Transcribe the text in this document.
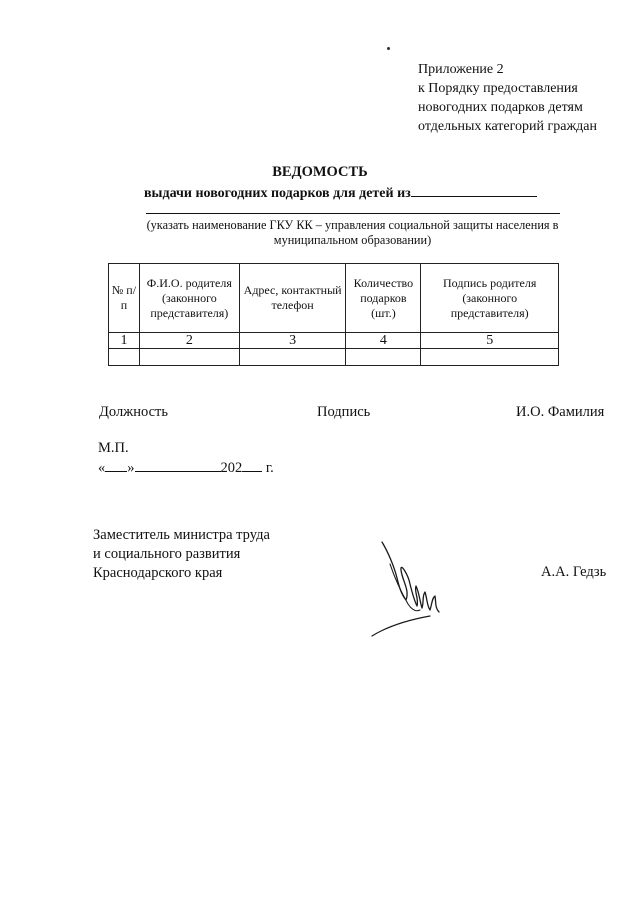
Приложение 2
к Порядку предоставления
новогодних подарков детям
отдельных категорий граждан
ВЕДОМОСТЬ
выдачи новогодних подарков для детей из
(указать наименование ГКУ КК – управления социальной защиты населения в муниципальном образовании)
№ п/п	Ф.И.О. родителя (законного представителя)	Адрес, контактный телефон	Количество подарков (шт.)	Подпись родителя (законного представителя)
1	2	3	4	5

Должность	Подпись	И.О. Фамилия
М.П.
« »	202 г.
Заместитель министра труда
и социального развития
Краснодарского края	А.А. Гедзь
